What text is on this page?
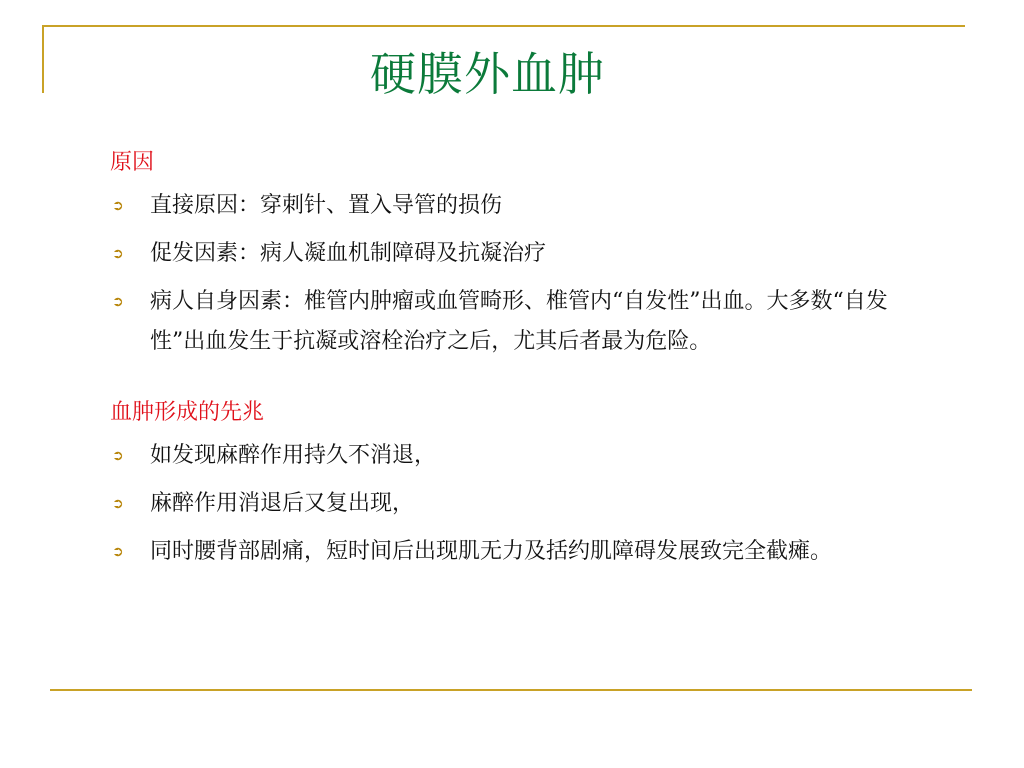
硬膜外血肿

原因

➲ 直接原因：穿刺针、置入导管的损伤
➲ 促发因素：病人凝血机制障碍及抗凝治疗
➲ 病人自身因素：椎管内肿瘤或血管畸形、椎管内“自发性”出血。大多数“自发性”出血发生于抗凝或溶栓治疗之后，尤其后者最为危险。

血肿形成的先兆

➲ 如发现麻醉作用持久不消退，
➲ 麻醉作用消退后又复出现，
➲ 同时腰背部剧痛，短时间后出现肌无力及括约肌障碍发展致完全截瘫。
